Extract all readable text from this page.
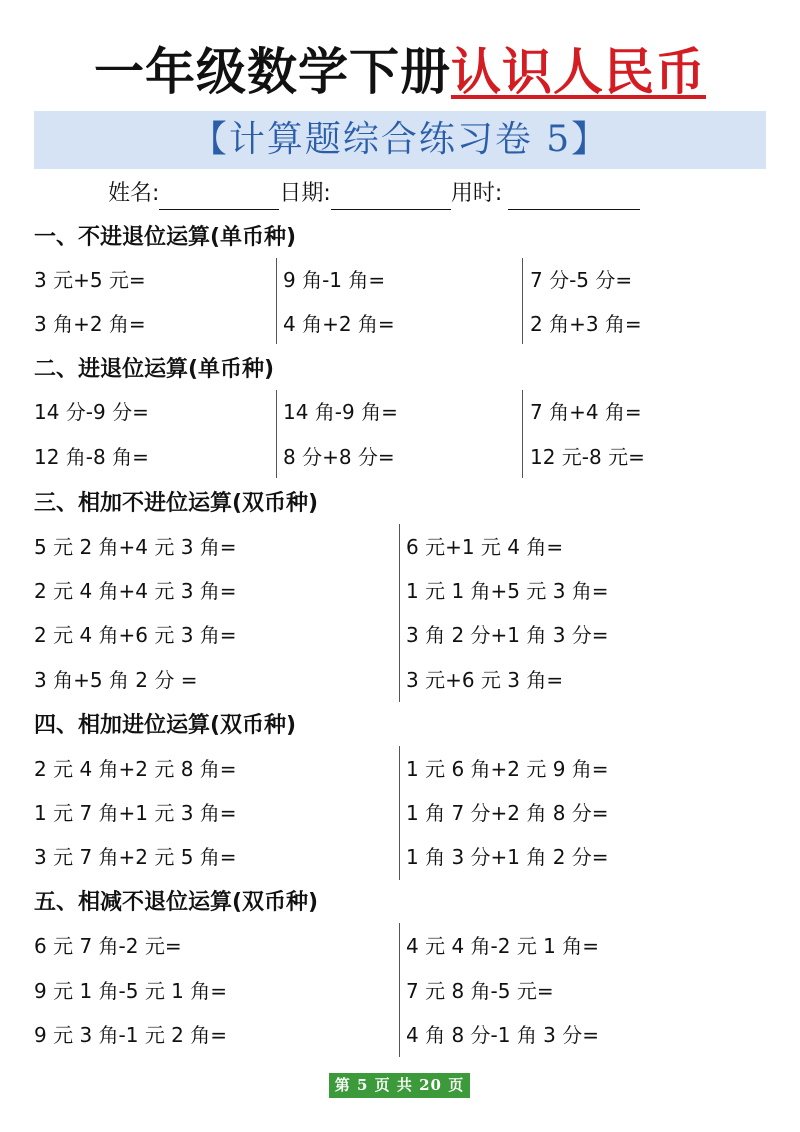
一年级数学下册认识人民币
【计算题综合练习卷 5】
姓名:	日期:	用时:
一、不进退位运算(单币种)
3 元+5 元=
3 角+2 角=
9 角-1 角=
4 角+2 角=
7 分-5 分=
2 角+3 角=
二、进退位运算(单币种)
14 分-9 分=
12 角-8 角=
14 角-9 角=
8 分+8 分=
7 角+4 角=
12 元-8 元=
三、相加不进位运算(双币种)
5 元 2 角+4 元 3 角=
2 元 4 角+4 元 3 角=
2 元 4 角+6 元 3 角=
3 角+5 角 2 分 =
6 元+1 元 4 角=
1 元 1 角+5 元 3 角=
3 角 2 分+1 角 3 分=
3 元+6 元 3 角=
四、相加进位运算(双币种)
2 元 4 角+2 元 8 角=
1 元 7 角+1 元 3 角=
3 元 7 角+2 元 5 角=
1 元 6 角+2 元 9 角=
1 角 7 分+2 角 8 分=
1 角 3 分+1 角 2 分=
五、相减不退位运算(双币种)
6 元 7 角-2 元=
9 元 1 角-5 元 1 角=
9 元 3 角-1 元 2 角=
4 元 4 角-2 元 1 角=
7 元 8 角-5 元=
4 角 8 分-1 角 3 分=
第 5 页 共 20 页
